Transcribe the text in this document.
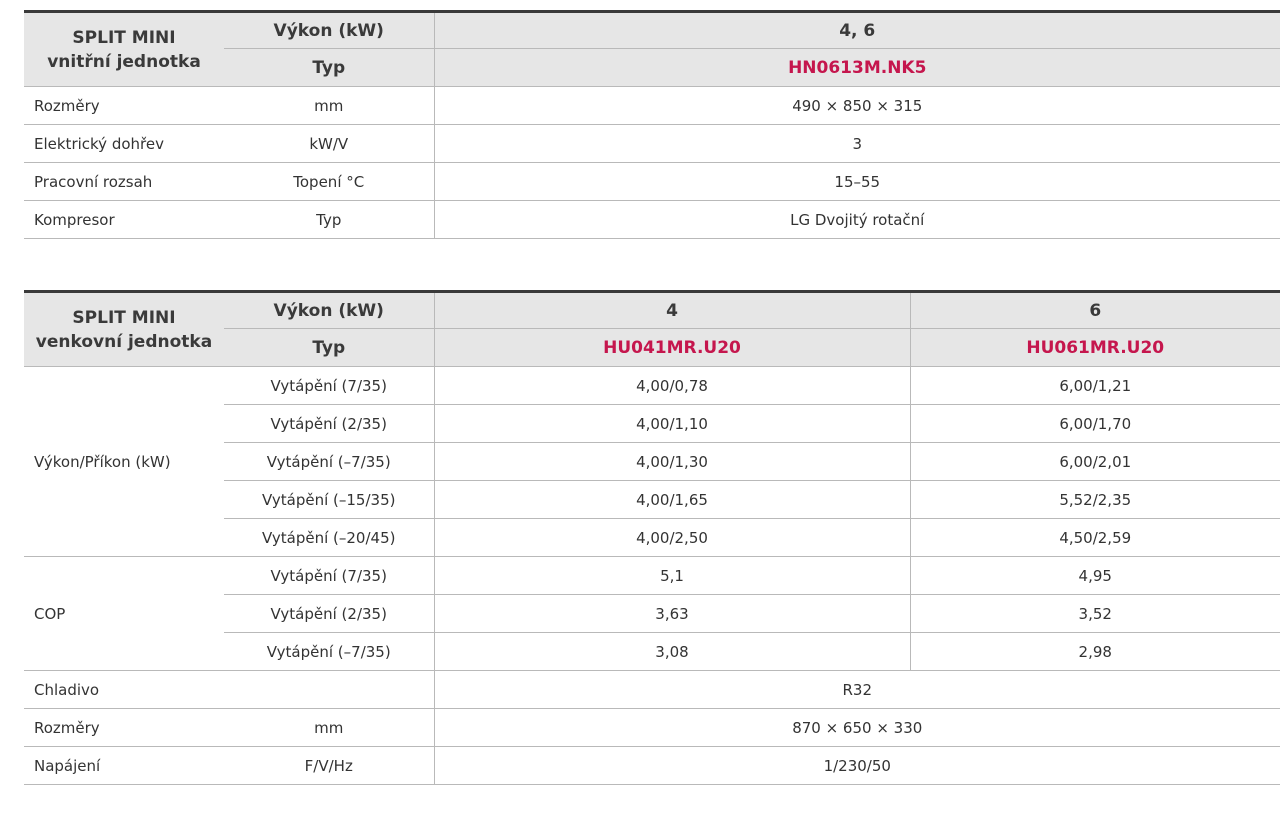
SPLIT MINI
vnitřní jednotka	Výkon (kW)	4, 6
	Typ	HN0613M.NK5
Rozměry	mm	490 × 850 × 315
Elektrický dohřev	kW/V	3
Pracovní rozsah	Topení °C	15–55
Kompresor	Typ	LG Dvojitý rotační
SPLIT MINI
venkovní jednotka	Výkon (kW)	4	6
	Typ	HU041MR.U20	HU061MR.U20
Výkon/Příkon (kW)	Vytápění (7/35)	4,00/0,78	6,00/1,21
	Vytápění (2/35)	4,00/1,10	6,00/1,70
	Vytápění (–7/35)	4,00/1,30	6,00/2,01
	Vytápění (–15/35)	4,00/1,65	5,52/2,35
	Vytápění (–20/45)	4,00/2,50	4,50/2,59
COP	Vytápění (7/35)	5,1	4,95
	Vytápění (2/35)	3,63	3,52
	Vytápění (–7/35)	3,08	2,98
Chladivo		R32	
Rozměry	mm	870 × 650 × 330	
Napájení	F/V/Hz	1/230/50	
